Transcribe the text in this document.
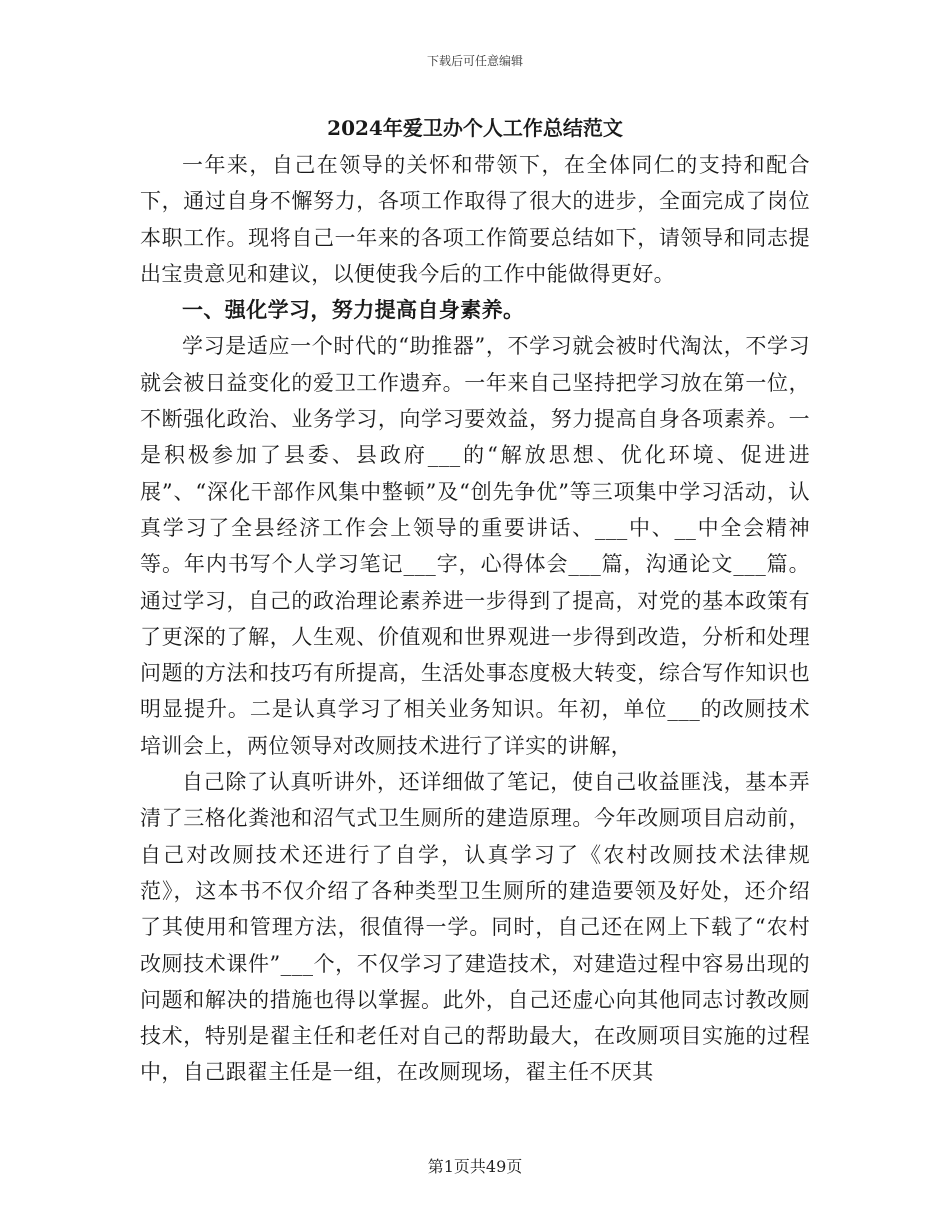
下载后可任意编辑
2024年爱卫办个人工作总结范文

一年来，自己在领导的关怀和带领下，在全体同仁的支持和配合下，通过自身不懈努力，各项工作取得了很大的进步，全面完成了岗位本职工作。现将自己一年来的各项工作简要总结如下，请领导和同志提出宝贵意见和建议，以便使我今后的工作中能做得更好。

一、强化学习，努力提高自身素养。

学习是适应一个时代的“助推器”，不学习就会被时代淘汰，不学习就会被日益变化的爱卫工作遗弃。一年来自己坚持把学习放在第一位，不断强化政治、业务学习，向学习要效益，努力提高自身各项素养。一是积极参加了县委、县政府___的“解放思想、优化环境、促进进展”、“深化干部作风集中整顿”及“创先争优”等三项集中学习活动，认真学习了全县经济工作会上领导的重要讲话、___中、__中全会精神等。年内书写个人学习笔记___字，心得体会___篇，沟通论文___篇。通过学习，自己的政治理论素养进一步得到了提高，对党的基本政策有了更深的了解，人生观、价值观和世界观进一步得到改造，分析和处理问题的方法和技巧有所提高，生活处事态度极大转变，综合写作知识也明显提升。二是认真学习了相关业务知识。年初，单位___的改厕技术培训会上，两位领导对改厕技术进行了详实的讲解，

自己除了认真听讲外，还详细做了笔记，使自己收益匪浅，基本弄清了三格化粪池和沼气式卫生厕所的建造原理。今年改厕项目启动前，自己对改厕技术还进行了自学，认真学习了《农村改厕技术法律规范》，这本书不仅介绍了各种类型卫生厕所的建造要领及好处，还介绍了其使用和管理方法，很值得一学。同时，自己还在网上下载了“农村改厕技术课件”___个，不仅学习了建造技术，对建造过程中容易出现的问题和解决的措施也得以掌握。此外，自己还虚心向其他同志讨教改厕技术，特别是翟主任和老任对自己的帮助最大，在改厕项目实施的过程中，自己跟翟主任是一组，在改厕现场，翟主任不厌其

第1页共49页
